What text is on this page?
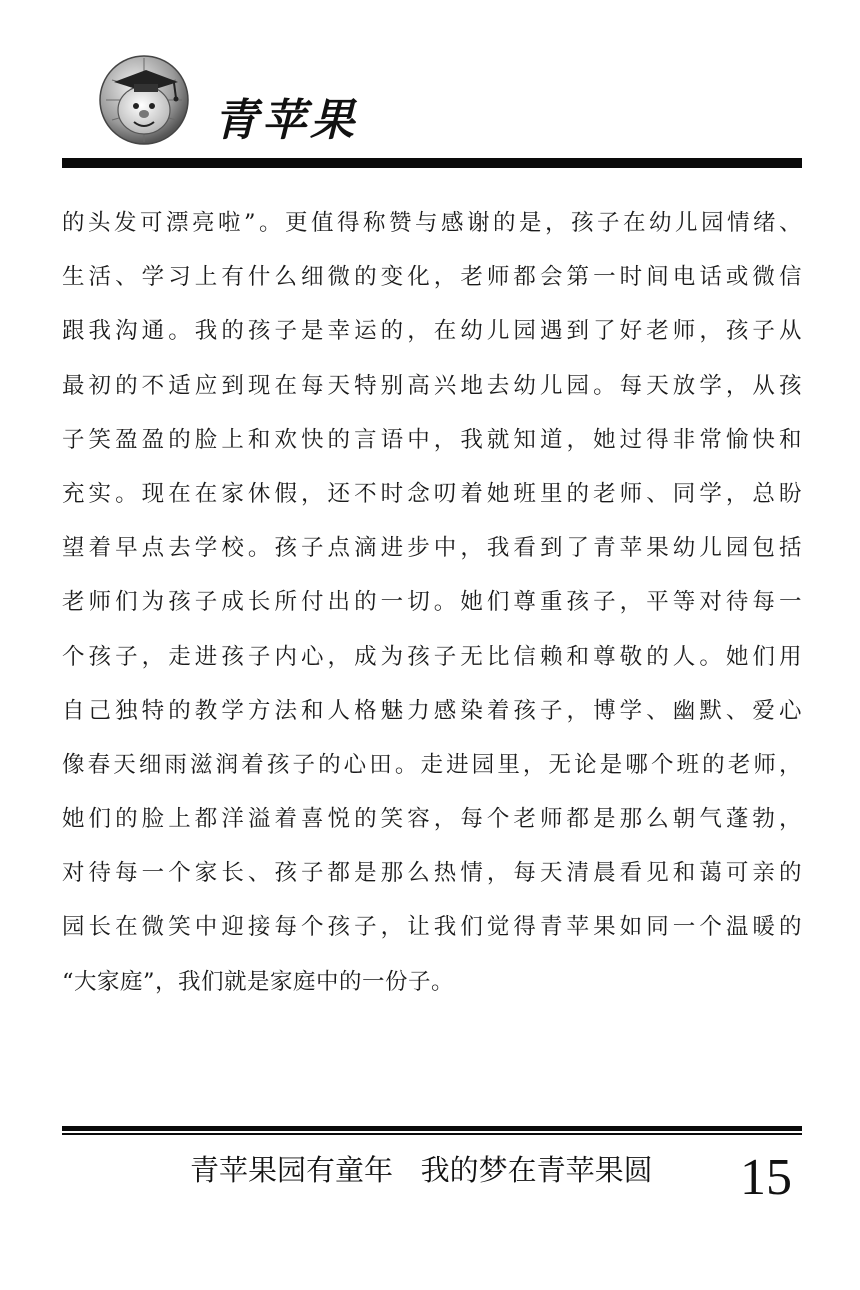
青苹果
的头发可漂亮啦”。更值得称赞与感谢的是，孩子在幼儿园情绪、
生活、学习上有什么细微的变化，老师都会第一时间电话或微信
跟我沟通。我的孩子是幸运的，在幼儿园遇到了好老师，孩子从
最初的不适应到现在每天特别高兴地去幼儿园。每天放学，从孩
子笑盈盈的脸上和欢快的言语中，我就知道，她过得非常愉快和
充实。现在在家休假，还不时念叨着她班里的老师、同学，总盼
望着早点去学校。孩子点滴进步中，我看到了青苹果幼儿园包括
老师们为孩子成长所付出的一切。她们尊重孩子，平等对待每一
个孩子，走进孩子内心，成为孩子无比信赖和尊敬的人。她们用
自己独特的教学方法和人格魅力感染着孩子，博学、幽默、爱心
像春天细雨滋润着孩子的心田。走进园里，无论是哪个班的老师，
她们的脸上都洋溢着喜悦的笑容，每个老师都是那么朝气蓬勃，
对待每一个家长、孩子都是那么热情，每天清晨看见和蔼可亲的
园长在微笑中迎接每个孩子，让我们觉得青苹果如同一个温暖的
“大家庭”，我们就是家庭中的一份子。
青苹果园有童年   我的梦在青苹果圆 15
